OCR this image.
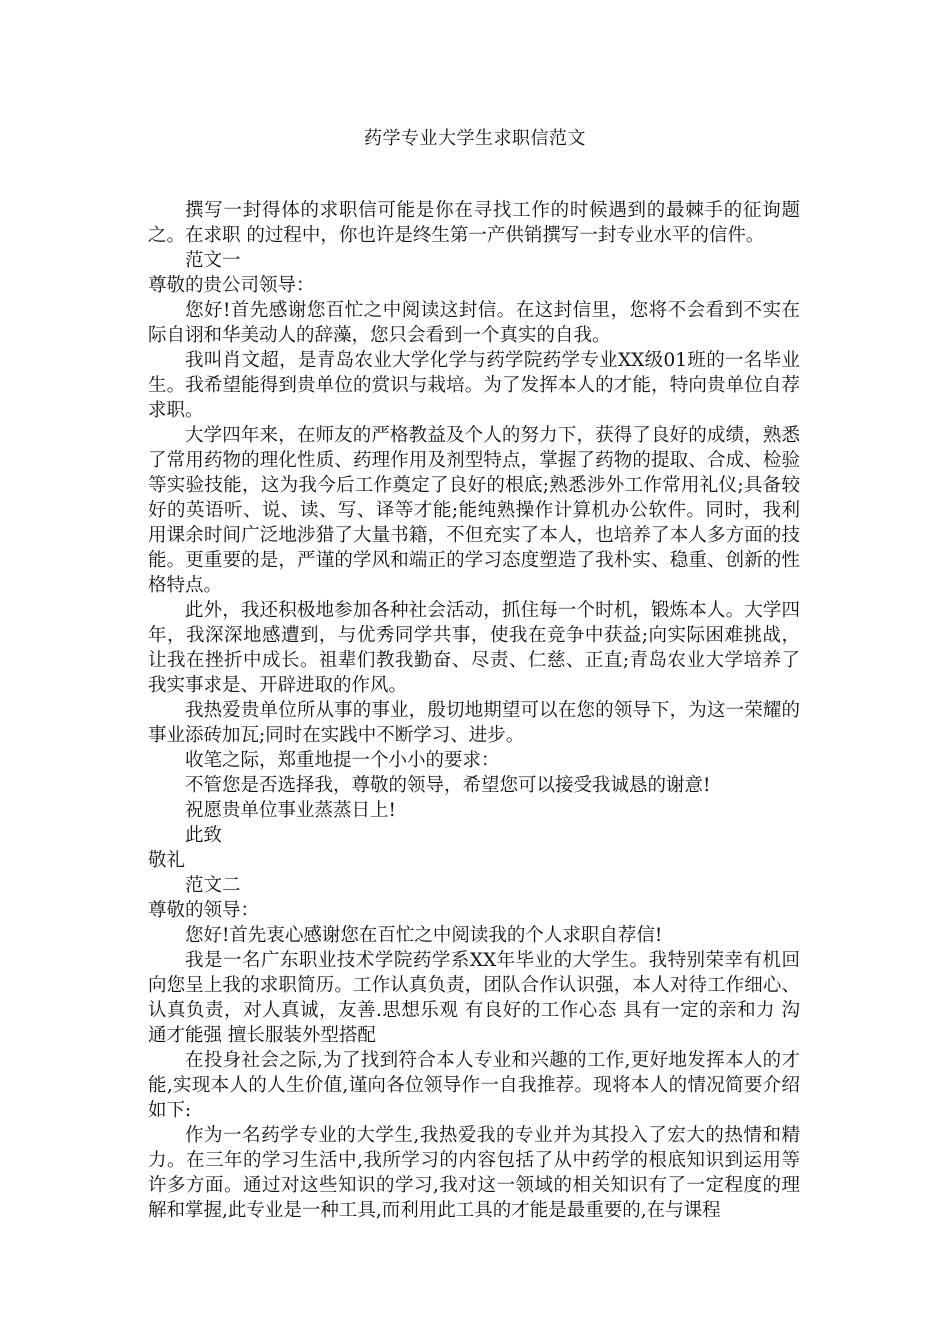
药学专业大学生求职信范文

撰写一封得体的求职信可能是你在寻找工作的时候遇到的最棘手的征询题之。在求职 的过程中，你也许是终生第一产供销撰写一封专业水平的信件。

范文一

尊敬的贵公司领导：

您好!首先感谢您百忙之中阅读这封信。在这封信里，您将不会看到不实在际自诩和华美动人的辞藻，您只会看到一个真实的自我。

我叫肖文超，是青岛农业大学化学与药学院药学专业XX级01班的一名毕业生。我希望能得到贵单位的赏识与栽培。为了发挥本人的才能，特向贵单位自荐求职。

大学四年来，在师友的严格教益及个人的努力下，获得了良好的成绩，熟悉了常用药物的理化性质、药理作用及剂型特点，掌握了药物的提取、合成、检验等实验技能，这为我今后工作奠定了良好的根底;熟悉涉外工作常用礼仪;具备较好的英语听、说、读、写、译等才能;能纯熟操作计算机办公软件。同时，我利用课余时间广泛地涉猎了大量书籍，不但充实了本人，也培养了本人多方面的技能。更重要的是，严谨的学风和端正的学习态度塑造了我朴实、稳重、创新的性格特点。

此外，我还积极地参加各种社会活动，抓住每一个时机，锻炼本人。大学四年，我深深地感遭到，与优秀同学共事，使我在竞争中获益;向实际困难挑战，让我在挫折中成长。祖辈们教我勤奋、尽责、仁慈、正直;青岛农业大学培养了我实事求是、开辟进取的作风。

我热爱贵单位所从事的事业，殷切地期望可以在您的领导下，为这一荣耀的事业添砖加瓦;同时在实践中不断学习、进步。

收笔之际，郑重地提一个小小的要求：

不管您是否选择我，尊敬的领导，希望您可以接受我诚恳的谢意!

祝愿贵单位事业蒸蒸日上!

此致

敬礼

范文二

尊敬的领导：

您好!首先衷心感谢您在百忙之中阅读我的个人求职自荐信!

我是一名广东职业技术学院药学系XX年毕业的大学生。我特别荣幸有机回向您呈上我的求职简历。工作认真负责，团队合作认识强，本人对待工作细心、认真负责，对人真诚，友善.思想乐观 有良好的工作心态 具有一定的亲和力 沟通才能强 擅长服装外型搭配

在投身社会之际,为了找到符合本人专业和兴趣的工作,更好地发挥本人的才能,实现本人的人生价值,谨向各位领导作一自我推荐。现将本人的情况简要介绍如下:

作为一名药学专业的大学生,我热爱我的专业并为其投入了宏大的热情和精力。在三年的学习生活中,我所学习的内容包括了从中药学的根底知识到运用等许多方面。通过对这些知识的学习,我对这一领域的相关知识有了一定程度的理解和掌握,此专业是一种工具,而利用此工具的才能是最重要的,在与课程
